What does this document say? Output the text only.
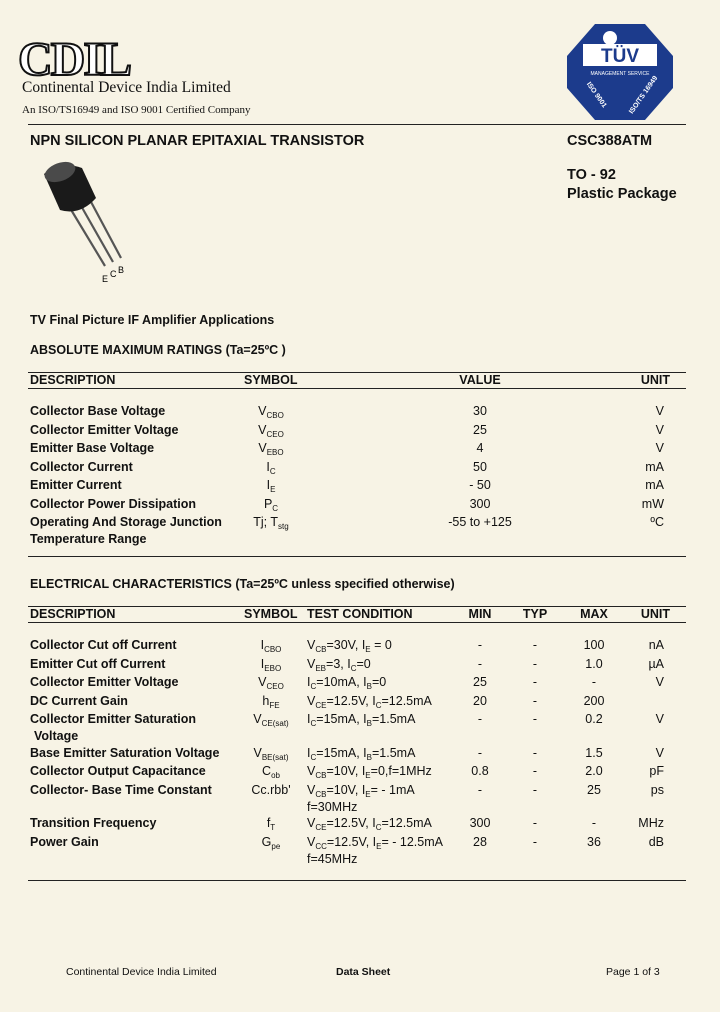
CDIL
Continental Device India Limited
An ISO/TS16949 and ISO 9001 Certified Company
TÜV
MANAGEMENT SERVICE
ISO 9001	ISO/TS 16949
NPN SILICON PLANAR EPITAXIAL TRANSISTOR	CSC388ATM
TO - 92
Plastic Package
E C B
TV Final Picture IF Amplifier Applications
ABSOLUTE MAXIMUM RATINGS (Ta=25ºC )
DESCRIPTION	SYMBOL	VALUE	UNIT
Collector Base Voltage	$V_{CBO}$	30	V
Collector Emitter Voltage	$V_{CEO}$	25	V
Emitter Base Voltage	$V_{EBO}$	4	V
Collector Current	$I_C$	50	mA
Emitter Current	$I_E$	- 50	mA
Collector Power Dissipation	$P_C$	300	mW
Operating And Storage Junction
Temperature Range
Tj; $T_{stg}$	-55 to +125	ºC
ELECTRICAL CHARACTERISTICS (Ta=25ºC unless specified otherwise)
DESCRIPTION	SYMBOL TEST CONDITION	MIN	TYP	MAX	UNIT
Collector Cut off Current	$I_{CBO}$ $V_{CB}=30V$, $I_E = 0$	-	-	100	nA
Emitter Cut off Current	$I_{EBO}$ $V_{EB}=3$, $I_C=0$	-	-	1.0	µA
Collector Emitter Voltage	$V_{CEO}$ $I_C=10mA$, $I_B=0$	25	-	-	V
DC Current Gain	$h_{FE}$ $V_{CE}=12.5V$, $I_C=12.5mA$	20	-	200
Collector Emitter Saturation
Voltage
$V_{CE(sat)}$ $I_C=15mA$, $I_B=1.5mA$	-	-	0.2	V
Base Emitter Saturation Voltage	$V_{BE(sat)}$ $I_C=15mA$, $I_B=1.5mA$	-	-	1.5	V
Collector Output Capacitance	$C_{ob}$ $V_{CB}=10V$, $I_E=0,f=1MHz$	0.8	-	2.0	pF
Collector- Base Time Constant	Cc.rbb' $V_{CB}=10V$, $I_E= - 1mA$
f=30MHz
-	-	25	ps
Transition Frequency	$f_T$	$V_{CE}=12.5V$, $I_C=12.5mA$	300	-	-	MHz
Power Gain	$G_{pe}$ $V_{CC}=12.5V$, $I_E= - 12.5mA$
f=45MHz
28	-	36	dB
Continental Device India Limited	Data Sheet	Page 1 of 3
